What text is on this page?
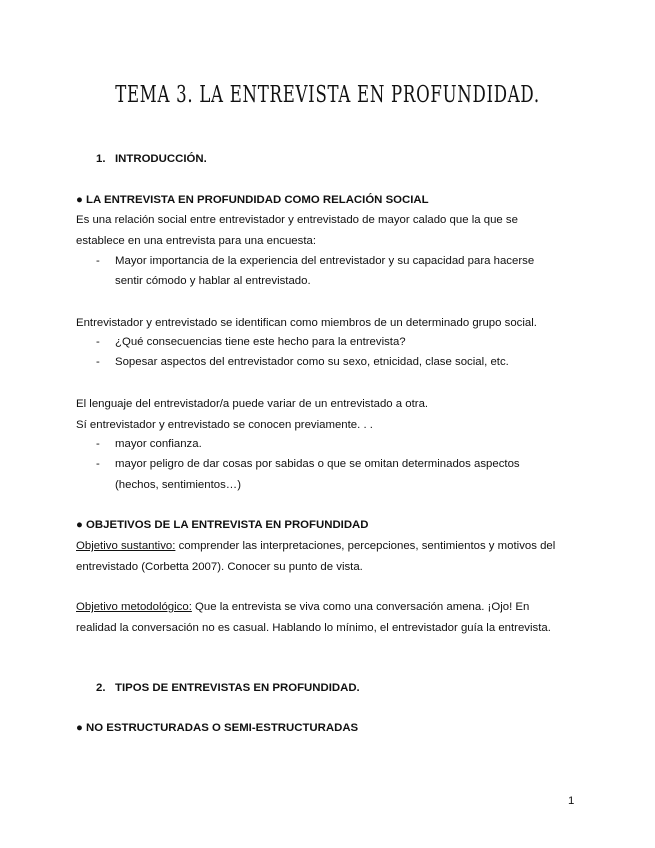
TEMA 3. LA ENTREVISTA EN PROFUNDIDAD.
1. INTRODUCCIÓN.
● LA ENTREVISTA EN PROFUNDIDAD COMO RELACIÓN SOCIAL
Es una relación social entre entrevistador y entrevistado de mayor calado que la que se
establece en una entrevista para una encuesta:
- Mayor importancia de la experiencia del entrevistador y su capacidad para hacerse
sentir cómodo y hablar al entrevistado.
Entrevistador y entrevistado se identifican como miembros de un determinado grupo social.
- ¿Qué consecuencias tiene este hecho para la entrevista?
- Sopesar aspectos del entrevistador como su sexo, etnicidad, clase social, etc.
El lenguaje del entrevistador/a puede variar de un entrevistado a otra.
Sí entrevistador y entrevistado se conocen previamente. . .
- mayor confianza.
- mayor peligro de dar cosas por sabidas o que se omitan determinados aspectos
(hechos, sentimientos…)
● OBJETIVOS DE LA ENTREVISTA EN PROFUNDIDAD
Objetivo sustantivo: comprender las interpretaciones, percepciones, sentimientos y motivos del
entrevistado (Corbetta 2007). Conocer su punto de vista.
Objetivo metodológico: Que la entrevista se viva como una conversación amena. ¡Ojo! En
realidad la conversación no es casual. Hablando lo mínimo, el entrevistador guía la entrevista.
2. TIPOS DE ENTREVISTAS EN PROFUNDIDAD.
● NO ESTRUCTURADAS O SEMI-ESTRUCTURADAS
1
